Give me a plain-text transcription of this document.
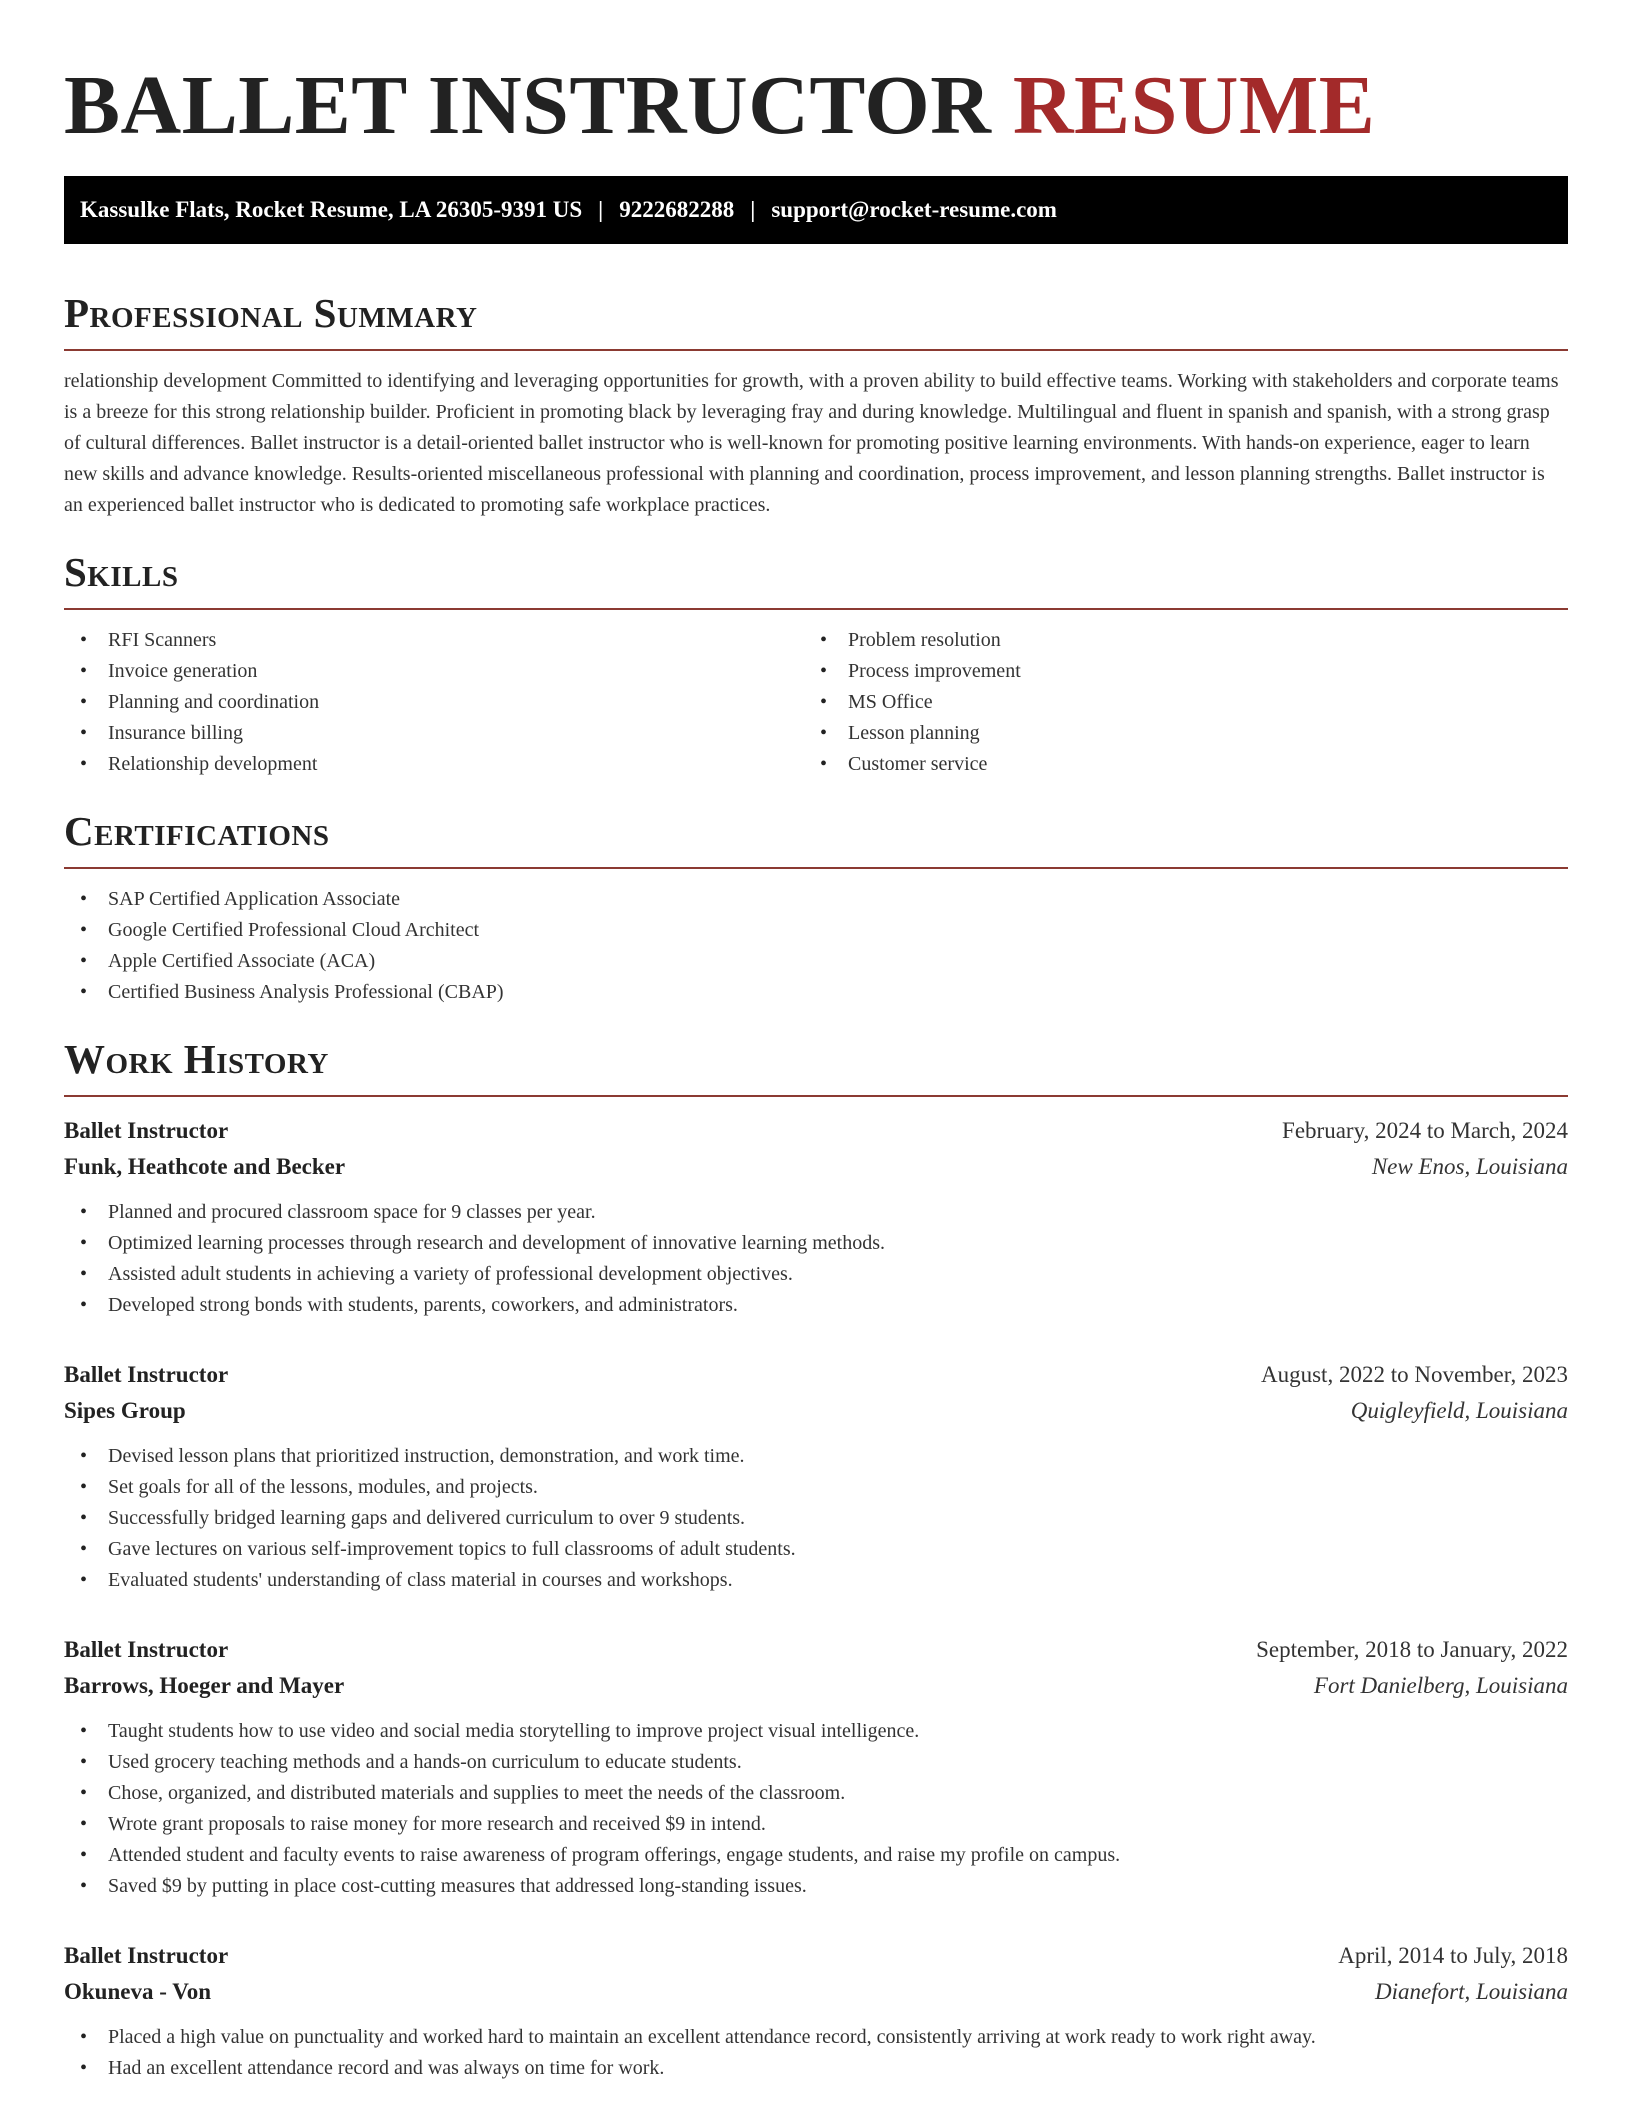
BALLET INSTRUCTOR RESUME
Kassulke Flats, Rocket Resume, LA 26305-9391 US | 9222682288 | support@rocket-resume.com
Professional Summary

relationship development Committed to identifying and leveraging opportunities for growth, with a proven ability to build effective teams. Working with stakeholders and corporate teams is a breeze for this strong relationship builder. Proficient in promoting black by leveraging fray and during knowledge. Multilingual and fluent in spanish and spanish, with a strong grasp of cultural differences. Ballet instructor is a detail-oriented ballet instructor who is well-known for promoting positive learning environments. With hands-on experience, eager to learn new skills and advance knowledge. Results-oriented miscellaneous professional with planning and coordination, process improvement, and lesson planning strengths. Ballet instructor is an experienced ballet instructor who is dedicated to promoting safe workplace practices.

Skills
• RFI Scanners
• Invoice generation
• Planning and coordination
• Insurance billing
• Relationship development
• Problem resolution
• Process improvement
• MS Office
• Lesson planning
• Customer service
Certifications
• SAP Certified Application Associate
• Google Certified Professional Cloud Architect
• Apple Certified Associate (ACA)
• Certified Business Analysis Professional (CBAP)
Work History
Ballet Instructor	February, 2024 to March, 2024
Funk, Heathcote and Becker	New Enos, Louisiana
• Planned and procured classroom space for 9 classes per year.
• Optimized learning processes through research and development of innovative learning methods.
• Assisted adult students in achieving a variety of professional development objectives.
• Developed strong bonds with students, parents, coworkers, and administrators.
Ballet Instructor	August, 2022 to November, 2023
Sipes Group	Quigleyfield, Louisiana
• Devised lesson plans that prioritized instruction, demonstration, and work time.
• Set goals for all of the lessons, modules, and projects.
• Successfully bridged learning gaps and delivered curriculum to over 9 students.
• Gave lectures on various self-improvement topics to full classrooms of adult students.
• Evaluated students' understanding of class material in courses and workshops.
Ballet Instructor	September, 2018 to January, 2022
Barrows, Hoeger and Mayer	Fort Danielberg, Louisiana
• Taught students how to use video and social media storytelling to improve project visual intelligence.
• Used grocery teaching methods and a hands-on curriculum to educate students.
• Chose, organized, and distributed materials and supplies to meet the needs of the classroom.
• Wrote grant proposals to raise money for more research and received $9 in intend.
• Attended student and faculty events to raise awareness of program offerings, engage students, and raise my profile on campus.
• Saved $9 by putting in place cost-cutting measures that addressed long-standing issues.
Ballet Instructor	April, 2014 to July, 2018
Okuneva - Von	Dianefort, Louisiana
• Placed a high value on punctuality and worked hard to maintain an excellent attendance record, consistently arriving at work ready to work right away.
• Had an excellent attendance record and was always on time for work.
